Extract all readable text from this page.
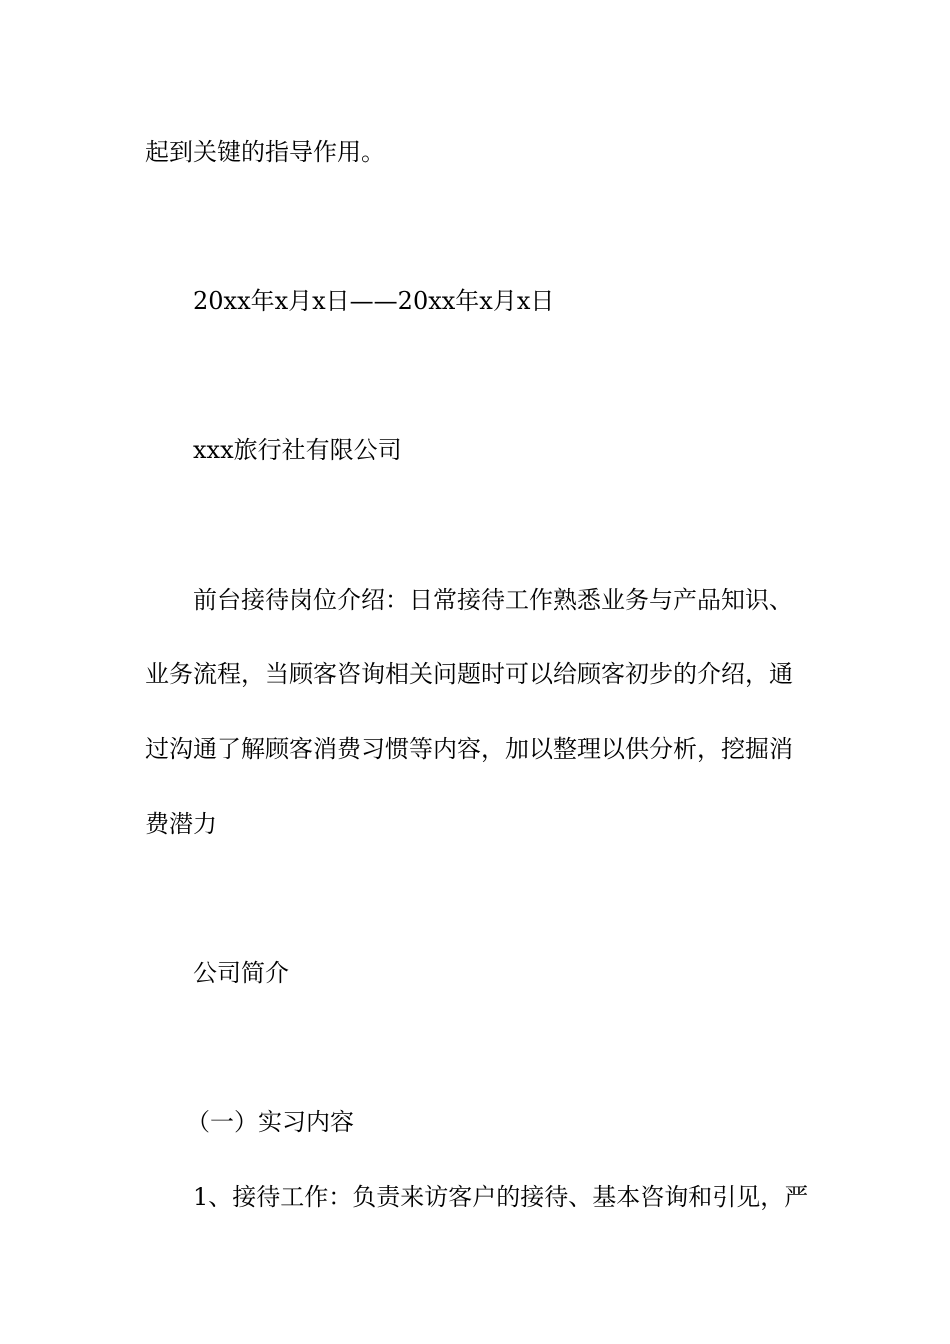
起到关键的指导作用。
20xx年x月x日——20xx年x月x日
xxx旅行社有限公司
前台接待岗位介绍：日常接待工作熟悉业务与产品知识、
业务流程，当顾客咨询相关问题时可以给顾客初步的介绍，通
过沟通了解顾客消费习惯等内容，加以整理以供分析，挖掘消
费潜力
公司简介
（一）实习内容
1、接待工作：负责来访客户的接待、基本咨询和引见，严
